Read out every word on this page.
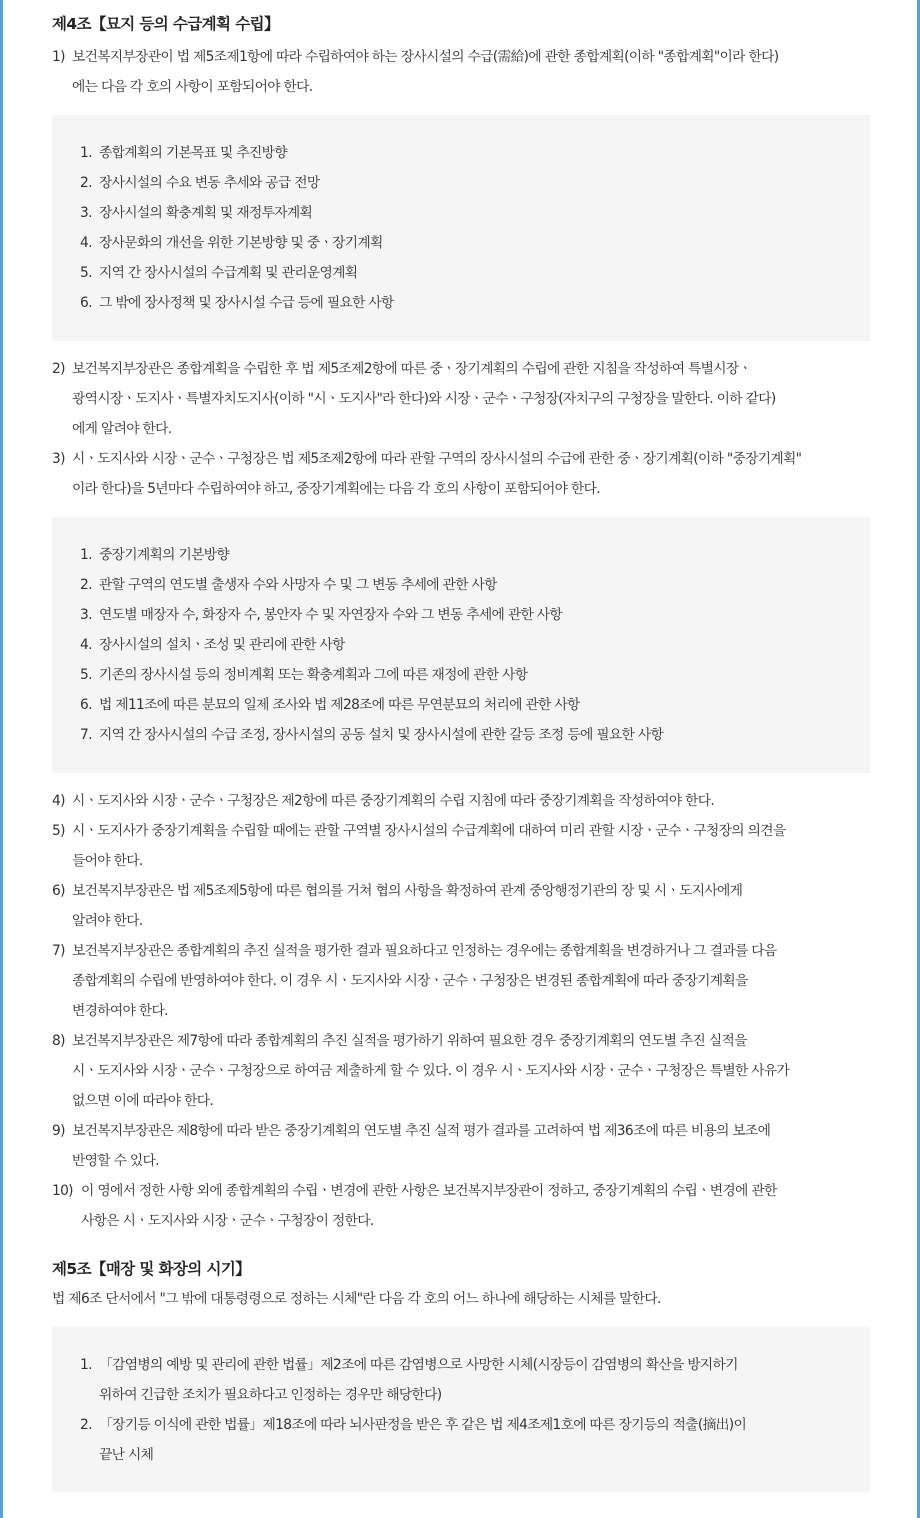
제4조【묘지 등의 수급계획 수립】
1) 보건복지부장관이 법 제5조제1항에 따라 수립하여야 하는 장사시설의 수급(需給)에 관한 종합계획(이하 "종합계획"이라 한다)
에는 다음 각 호의 사항이 포함되어야 한다.
1. 종합계획의 기본목표 및 추진방향
2. 장사시설의 수요 변동 추세와 공급 전망
3. 장사시설의 확충계획 및 재정투자계획
4. 장사문화의 개선을 위한 기본방향 및 중ㆍ장기계획
5. 지역 간 장사시설의 수급계획 및 관리운영계획
6. 그 밖에 장사정책 및 장사시설 수급 등에 필요한 사항
2) 보건복지부장관은 종합계획을 수립한 후 법 제5조제2항에 따른 중ㆍ장기계획의 수립에 관한 지침을 작성하여 특별시장ㆍ
광역시장ㆍ도지사ㆍ특별자치도지사(이하 "시ㆍ도지사"라 한다)와 시장ㆍ군수ㆍ구청장(자치구의 구청장을 말한다. 이하 같다)
에게 알려야 한다.
3) 시ㆍ도지사와 시장ㆍ군수ㆍ구청장은 법 제5조제2항에 따라 관할 구역의 장사시설의 수급에 관한 중ㆍ장기계획(이하 "중장기계획"
이라 한다)을 5년마다 수립하여야 하고, 중장기계획에는 다음 각 호의 사항이 포함되어야 한다.
1. 중장기계획의 기본방향
2. 관할 구역의 연도별 출생자 수와 사망자 수 및 그 변동 추세에 관한 사항
3. 연도별 매장자 수, 화장자 수, 봉안자 수 및 자연장자 수와 그 변동 추세에 관한 사항
4. 장사시설의 설치ㆍ조성 및 관리에 관한 사항
5. 기존의 장사시설 등의 정비계획 또는 확충계획과 그에 따른 재정에 관한 사항
6. 법 제11조에 따른 분묘의 일제 조사와 법 제28조에 따른 무연분묘의 처리에 관한 사항
7. 지역 간 장사시설의 수급 조정, 장사시설의 공동 설치 및 장사시설에 관한 갈등 조정 등에 필요한 사항
4) 시ㆍ도지사와 시장ㆍ군수ㆍ구청장은 제2항에 따른 중장기계획의 수립 지침에 따라 중장기계획을 작성하여야 한다.
5) 시ㆍ도지사가 중장기계획을 수립할 때에는 관할 구역별 장사시설의 수급계획에 대하여 미리 관할 시장ㆍ군수ㆍ구청장의 의견을
들어야 한다.
6) 보건복지부장관은 법 제5조제5항에 따른 협의를 거쳐 협의 사항을 확정하여 관계 중앙행정기관의 장 및 시ㆍ도지사에게
알려야 한다.
7) 보건복지부장관은 종합계획의 추진 실적을 평가한 결과 필요하다고 인정하는 경우에는 종합계획을 변경하거나 그 결과를 다음
종합계획의 수립에 반영하여야 한다. 이 경우 시ㆍ도지사와 시장ㆍ군수ㆍ구청장은 변경된 종합계획에 따라 중장기계획을
변경하여야 한다.
8) 보건복지부장관은 제7항에 따라 종합계획의 추진 실적을 평가하기 위하여 필요한 경우 중장기계획의 연도별 추진 실적을
시ㆍ도지사와 시장ㆍ군수ㆍ구청장으로 하여금 제출하게 할 수 있다. 이 경우 시ㆍ도지사와 시장ㆍ군수ㆍ구청장은 특별한 사유가
없으면 이에 따라야 한다.
9) 보건복지부장관은 제8항에 따라 받은 중장기계획의 연도별 추진 실적 평가 결과를 고려하여 법 제36조에 따른 비용의 보조에
반영할 수 있다.
10) 이 영에서 정한 사항 외에 종합계획의 수립ㆍ변경에 관한 사항은 보건복지부장관이 정하고, 중장기계획의 수립ㆍ변경에 관한
사항은 시ㆍ도지사와 시장ㆍ군수ㆍ구청장이 정한다.
제5조【매장 및 화장의 시기】
법 제6조 단서에서 "그 밖에 대통령령으로 정하는 시체"란 다음 각 호의 어느 하나에 해당하는 시체를 말한다.
1. 「감염병의 예방 및 관리에 관한 법률」제2조에 따른 감염병으로 사망한 시체(시장등이 감염병의 확산을 방지하기
위하여 긴급한 조치가 필요하다고 인정하는 경우만 해당한다)
2. 「장기등 이식에 관한 법률」제18조에 따라 뇌사판정을 받은 후 같은 법 제4조제1호에 따른 장기등의 적출(摘出)이
끝난 시체
